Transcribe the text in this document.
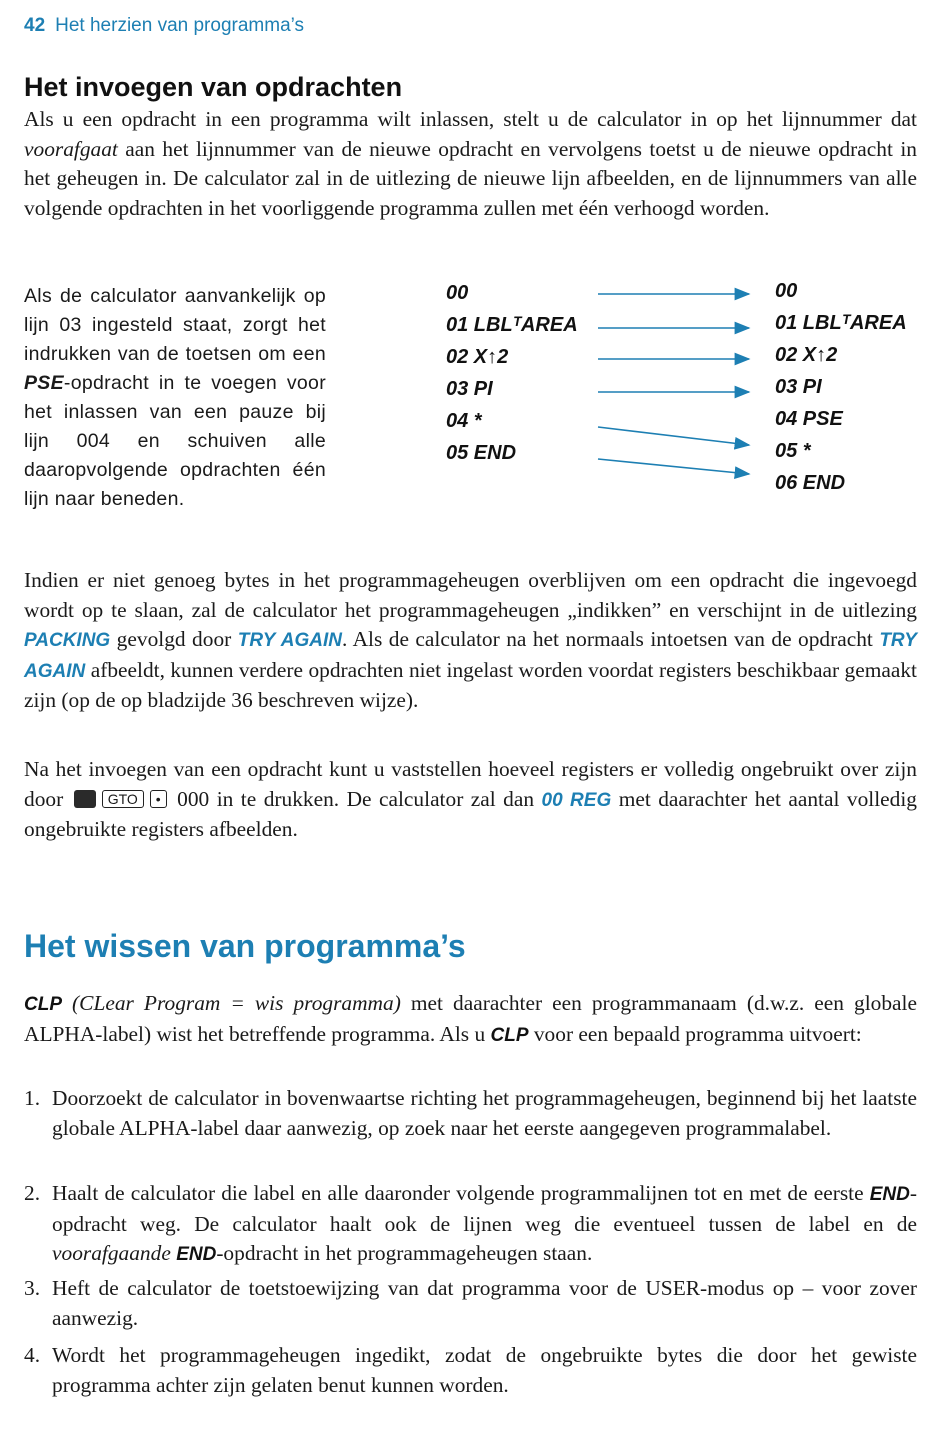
42 Het herzien van programma’s
Het invoegen van opdrachten

Als u een opdracht in een programma wilt inlassen, stelt u de calculator in op het lijnnummer dat voorafgaat aan het lijnnummer van de nieuwe opdracht en vervolgens toetst u de nieuwe opdracht in het geheugen in. De calculator zal in de uitlezing de nieuwe lijn afbeelden, en de lijnnummers van alle volgende opdrachten in het voorliggende programma zullen met één verhoogd worden.

Als de calculator aanvankelijk op lijn 03 ingesteld staat, zorgt het indrukken van de toetsen om een PSE-opdracht in te voegen voor het inlassen van een pauze bij lijn 004 en schuiven alle daaropvolgende opdrachten één lijn naar beneden.

00
01 LBLᵀAREA
02 X↑2
03 PI
04 *
05 END
00
01 LBLᵀAREA
02 X↑2
03 PI
04 PSE
05 *
06 END

Indien er niet genoeg bytes in het programmageheugen overblijven om een opdracht die ingevoegd wordt op te slaan, zal de calculator het programmageheugen „indikken” en verschijnt in de uitlezing PACKING gevolgd door TRY AGAIN. Als de calculator na het normaals intoetsen van de opdracht TRY AGAIN afbeeldt, kunnen verdere opdrachten niet ingelast worden voordat registers beschikbaar gemaakt zijn (op de op bladzijde 36 beschreven wijze).

Na het invoegen van een opdracht kunt u vaststellen hoeveel registers er volledig ongebruikt over zijn door	GTO • 000 in te drukken. De calculator zal dan 00 REG met daarachter het aantal volledig ongebruikte registers afbeelden.

Het wissen van programma’s

CLP (CLear Program = wis programma) met daarachter een programmanaam (d.w.z. een globale ALPHA-label) wist het betreffende programma. Als u CLP voor een bepaald programma uitvoert:

1. Doorzoekt de calculator in bovenwaartse richting het programmageheugen, beginnend bij het laatste globale ALPHA-label daar aanwezig, op zoek naar het eerste aangegeven programmalabel.

2. Haalt de calculator die label en alle daaronder volgende programmalijnen tot en met de eerste END-opdracht weg. De calculator haalt ook de lijnen weg die eventueel tussen de label en de voorafgaande END-opdracht in het programmageheugen staan.

3. Heft de calculator de toetstoewijzing van dat programma voor de USER-modus op – voor zover aanwezig.

4. Wordt het programmageheugen ingedikt, zodat de ongebruikte bytes die door het gewiste programma achter zijn gelaten benut kunnen worden.
